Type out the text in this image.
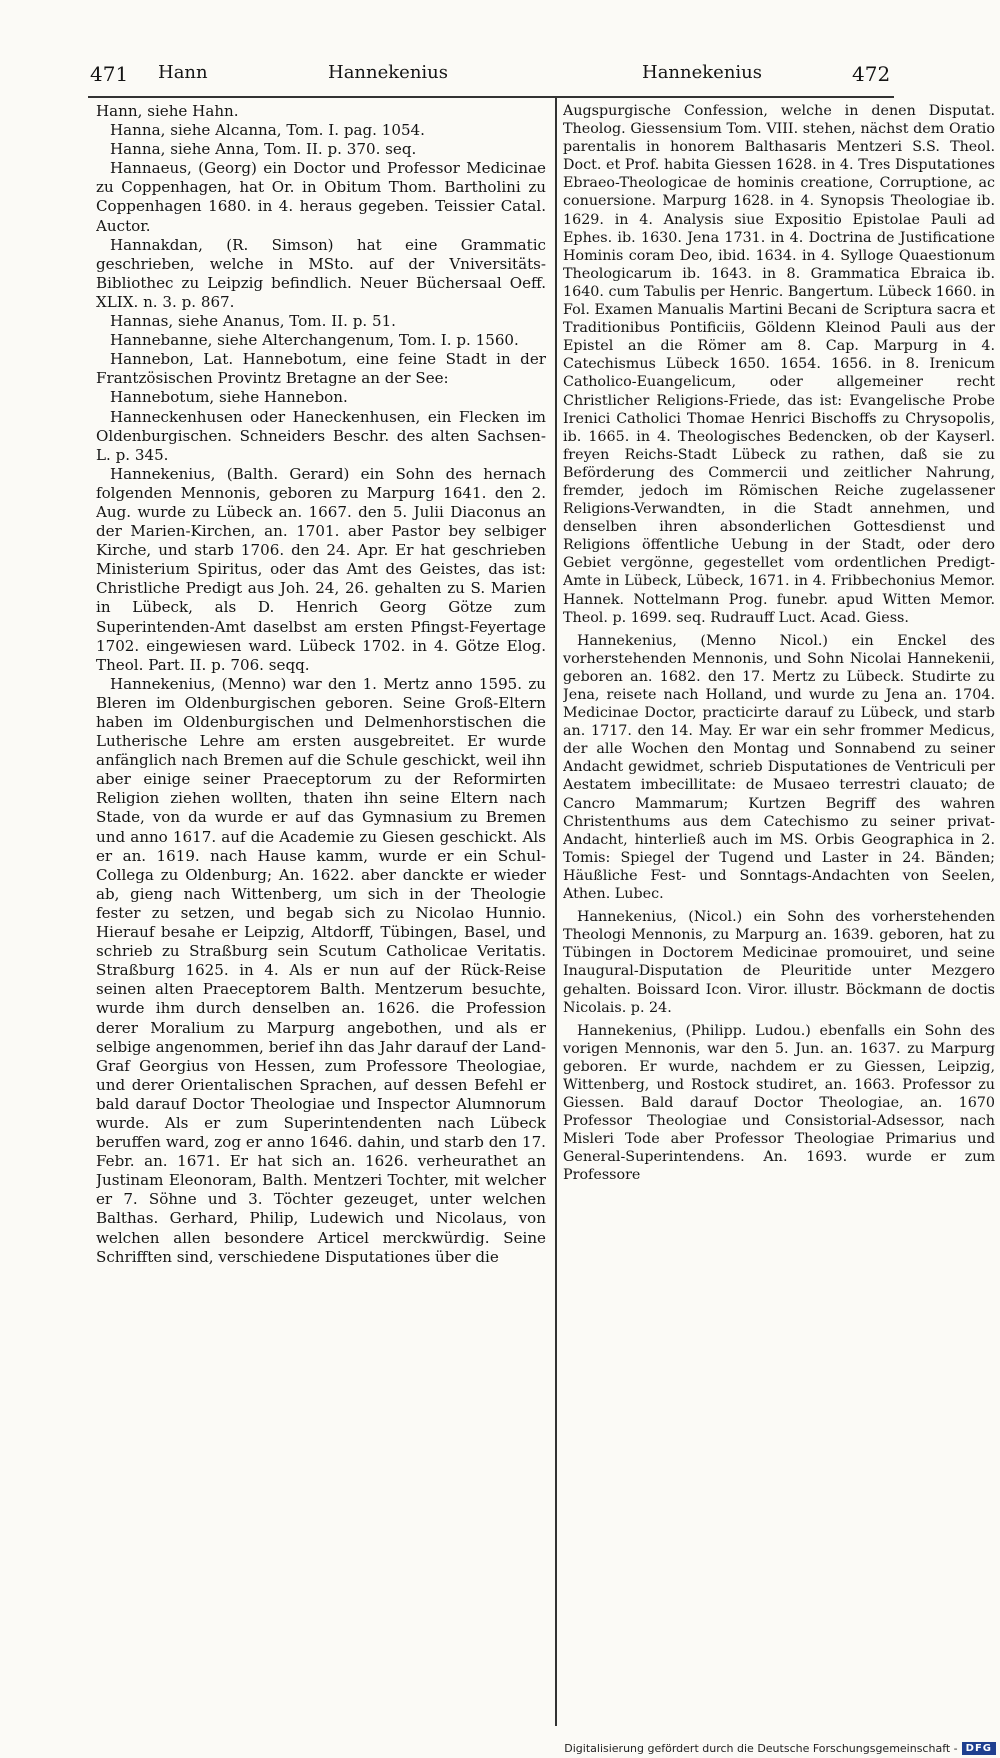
471 Hann	Hannekenius	Hannekenius	472

Hann, siehe Hahn.

Hanna, siehe Alcanna, Tom. I. pag. 1054.

Hanna, siehe Anna, Tom. II. p. 370. seq.

Hannaeus, (Georg) ein Doctor und Professor Medicinae zu Coppenhagen, hat Or. in Obitum Thom. Bartholini zu Coppenhagen 1680. in 4. heraus gegeben. Teissier Catal. Auctor.

Hannakdan, (R. Simson) hat eine Grammatic geschrieben, welche in MSto. auf der Vniversitäts-Bibliothec zu Leipzig befindlich. Neuer Büchersaal Oeff. XLIX. n. 3. p. 867.

Hannas, siehe Ananus, Tom. II. p. 51.

Hannebanne, siehe Alterchangenum, Tom. I. p. 1560.

Hannebon, Lat. Hannebotum, eine feine Stadt in der Frantzösischen Provintz Bretagne an der See:

Hannebotum, siehe Hannebon.

Hanneckenhusen oder Haneckenhusen, ein Flecken im Oldenburgischen. Schneiders Beschr. des alten Sachsen-L. p. 345.

Hannekenius, (Balth. Gerard) ein Sohn des hernach folgenden Mennonis, geboren zu Marpurg 1641. den 2. Aug. wurde zu Lübeck an. 1667. den 5. Julii Diaconus an der Marien-Kirchen, an. 1701. aber Pastor bey selbiger Kirche, und starb 1706. den 24. Apr. Er hat geschrieben Ministerium Spiritus, oder das Amt des Geistes, das ist: Christliche Predigt aus Joh. 24, 26. gehalten zu S. Marien in Lübeck, als D. Henrich Georg Götze zum Superintenden-Amt daselbst am ersten Pfingst-Feyertage 1702. eingewiesen ward. Lübeck 1702. in 4. Götze Elog. Theol. Part. II. p. 706. seqq.

Hannekenius, (Menno) war den 1. Mertz anno 1595. zu Bleren im Oldenburgischen geboren. Seine Groß-Eltern haben im Oldenburgischen und Delmenhorstischen die Lutherische Lehre am ersten ausgebreitet. Er wurde anfänglich nach Bremen auf die Schule geschickt, weil ihn aber einige seiner Praeceptorum zu der Reformirten Religion ziehen wollten, thaten ihn seine Eltern nach Stade, von da wurde er auf das Gymnasium zu Bremen und anno 1617. auf die Academie zu Giesen geschickt. Als er an. 1619. nach Hause kamm, wurde er ein Schul-Collega zu Oldenburg; An. 1622. aber danckte er wieder ab, gieng nach Wittenberg, um sich in der Theologie fester zu setzen, und begab sich zu Nicolao Hunnio. Hierauf besahe er Leipzig, Altdorff, Tübingen, Basel, und schrieb zu Straßburg sein Scutum Catholicae Veritatis. Straßburg 1625. in 4. Als er nun auf der Rück-Reise seinen alten Praeceptorem Balth. Mentzerum besuchte, wurde ihm durch denselben an. 1626. die Profession derer Moralium zu Marpurg angebothen, und als er selbige angenommen, berief ihn das Jahr darauf der Land-Graf Georgius von Hessen, zum Professore Theologiae, und derer Orientalischen Sprachen, auf dessen Befehl er bald darauf Doctor Theologiae und Inspector Alumnorum wurde. Als er zum Superintendenten nach Lübeck beruffen ward, zog er anno 1646. dahin, und starb den 17. Febr. an. 1671. Er hat sich an. 1626. verheurathet an Justinam Eleonoram, Balth. Mentzeri Tochter, mit welcher er 7. Söhne und 3. Töchter gezeuget, unter welchen Balthas. Gerhard, Philip, Ludewich und Nicolaus, von welchen allen besondere Articel merckwürdig. Seine Schrifften sind, verschiedene Disputationes über die

Augspurgische Confession, welche in denen Disputat. Theolog. Giessensium Tom. VIII. stehen, nächst dem Oratio parentalis in honorem Balthasaris Mentzeri S.S. Theol. Doct. et Prof. habita Giessen 1628. in 4. Tres Disputationes Ebraeo-Theologicae de hominis creatione, Corruptione, ac conuersione. Marpurg 1628. in 4. Synopsis Theologiae ib. 1629. in 4. Analysis siue Expositio Epistolae Pauli ad Ephes. ib. 1630. Jena 1731. in 4. Doctrina de Justificatione Hominis coram Deo, ibid. 1634. in 4. Sylloge Quaestionum Theologicarum ib. 1643. in 8. Grammatica Ebraica ib. 1640. cum Tabulis per Henric. Bangertum. Lübeck 1660. in Fol. Examen Manualis Martini Becani de Scriptura sacra et Traditionibus Pontificiis, Göldenn Kleinod Pauli aus der Epistel an die Römer am 8. Cap. Marpurg in 4. Catechismus Lübeck 1650. 1654. 1656. in 8. Irenicum Catholico-Euangelicum, oder allgemeiner recht Christlicher Religions-Friede, das ist: Evangelische Probe Irenici Catholici Thomae Henrici Bischoffs zu Chrysopolis, ib. 1665. in 4. Theologisches Bedencken, ob der Kayserl. freyen Reichs-Stadt Lübeck zu rathen, daß sie zu Beförderung des Commercii und zeitlicher Nahrung, fremder, jedoch im Römischen Reiche zugelassener Religions-Verwandten, in die Stadt annehmen, und denselben ihren absonderlichen Gottesdienst und Religions öffentliche Uebung in der Stadt, oder dero Gebiet vergönne, gegestellet vom ordentlichen Predigt-Amte in Lübeck, Lübeck, 1671. in 4. Fribbechonius Memor. Hannek. Nottelmann Prog. funebr. apud Witten Memor. Theol. p. 1699. seq. Rudrauff Luct. Acad. Giess.

Hannekenius, (Menno Nicol.) ein Enckel des vorherstehenden Mennonis, und Sohn Nicolai Hannekenii, geboren an. 1682. den 17. Mertz zu Lübeck. Studirte zu Jena, reisete nach Holland, und wurde zu Jena an. 1704. Medicinae Doctor, practicirte darauf zu Lübeck, und starb an. 1717. den 14. May. Er war ein sehr frommer Medicus, der alle Wochen den Montag und Sonnabend zu seiner Andacht gewidmet, schrieb Disputationes de Ventriculi per Aestatem imbecillitate: de Musaeo terrestri clauato; de Cancro Mammarum; Kurtzen Begriff des wahren Christenthums aus dem Catechismo zu seiner privat-Andacht, hinterließ auch im MS. Orbis Geographica in 2. Tomis: Spiegel der Tugend und Laster in 24. Bänden; Häußliche Fest- und Sonntags-Andachten von Seelen, Athen. Lubec.

Hannekenius, (Nicol.) ein Sohn des vorherstehenden Theologi Mennonis, zu Marpurg an. 1639. geboren, hat zu Tübingen in Doctorem Medicinae promouiret, und seine Inaugural-Disputation de Pleuritide unter Mezgero gehalten. Boissard Icon. Viror. illustr. Böckmann de doctis Nicolais. p. 24.

Hannekenius, (Philipp. Ludou.) ebenfalls ein Sohn des vorigen Mennonis, war den 5. Jun. an. 1637. zu Marpurg geboren. Er wurde, nachdem er zu Giessen, Leipzig, Wittenberg, und Rostock studiret, an. 1663. Professor zu Giessen. Bald darauf Doctor Theologiae, an. 1670 Professor Theologiae und Consistorial-Adsessor, nach Misleri Tode aber Professor Theologiae Primarius und General-Superintendens. An. 1693. wurde er zum Professore

Digitalisierung gefördert durch die Deutsche Forschungsgemeinschaft - DFG
